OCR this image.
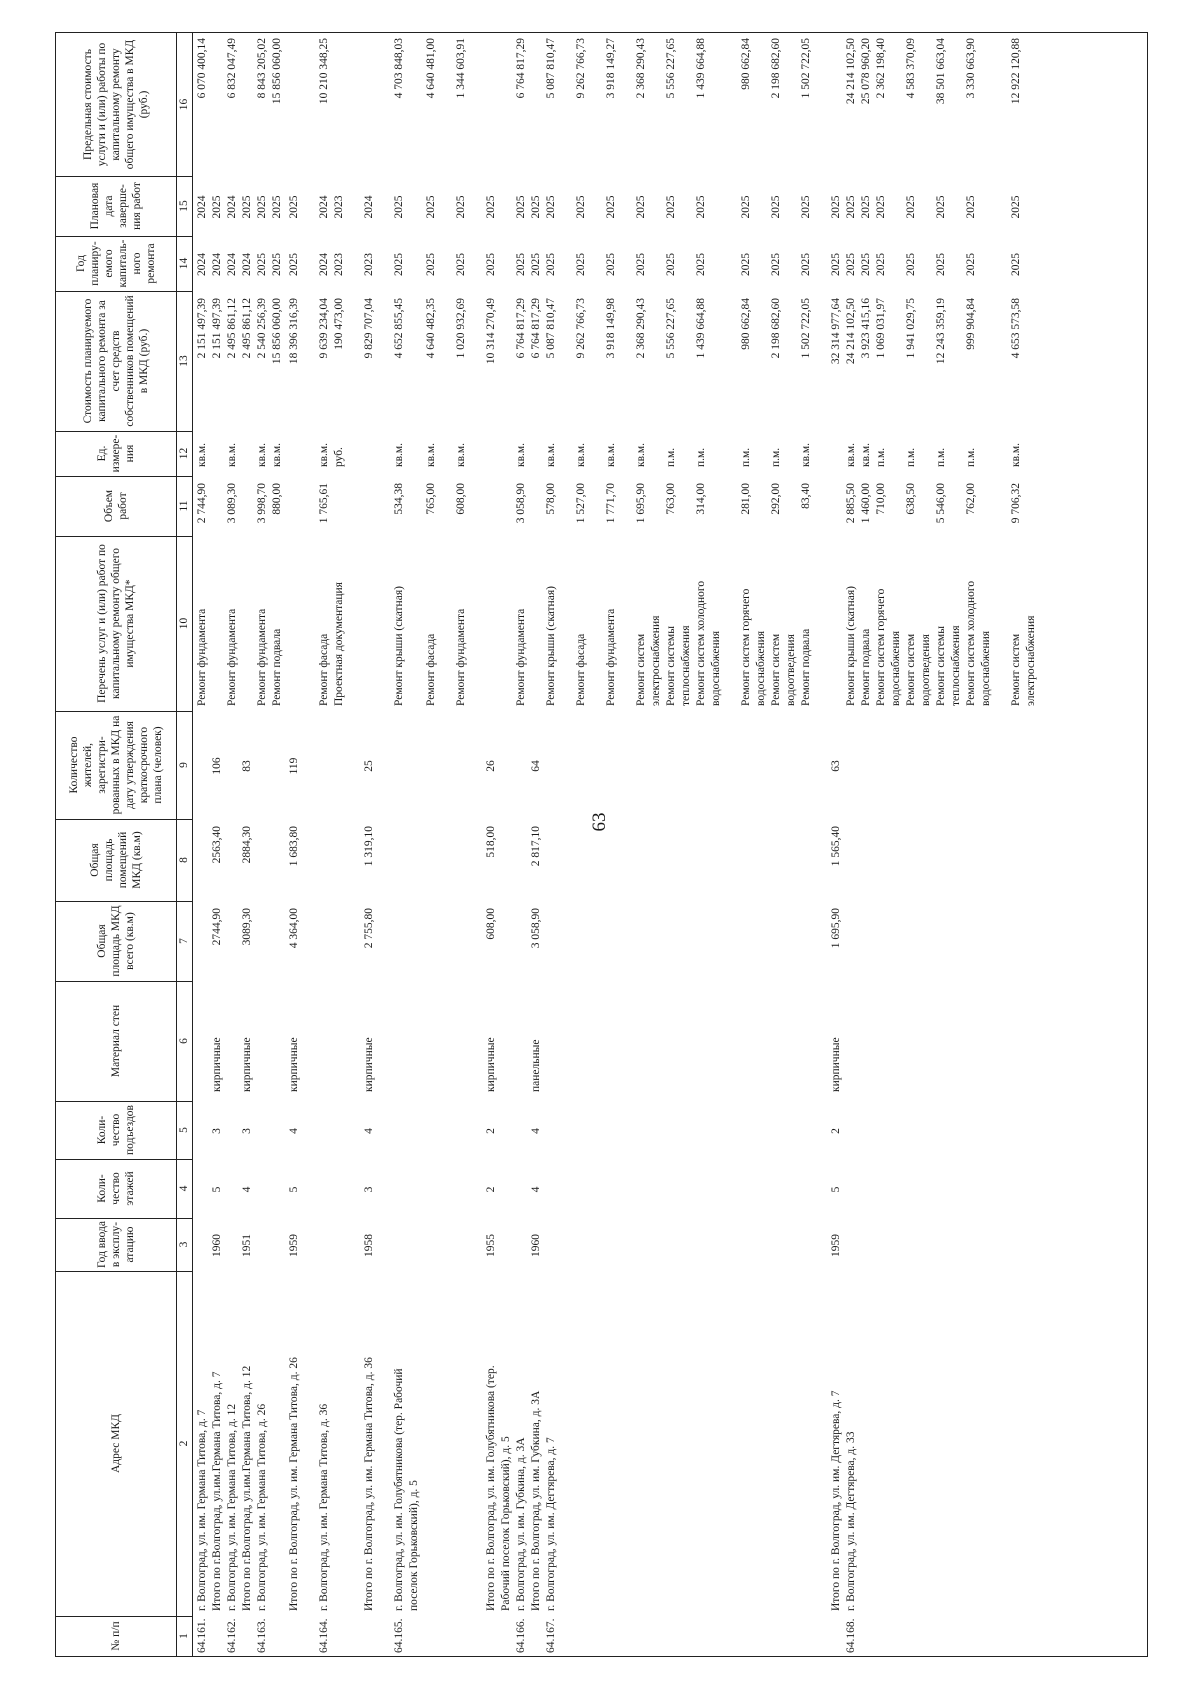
63
№ п/п
Адрес МКД
Год ввода в эксплу-атацию
Коли-чество этажей
Коли-чество подъездов
Материал стен
Общая площадь МКД всего (кв.м)
Общая площадь помещений МКД (кв.м)
Количество жителей, зарегистри-рованных в МКД на дату утверждения краткосрочного плана (человек)
Перечень услуг и (или) работ по капитальному ремонту общего имущества МКД*
Объем работ
Ед. измере-ния
Стоимость планируемого капитального ремонта за счет средств собственников помещений в МКД (руб.)
Год планиру-емого капиталь-ного ремонта
Плановая дата заверше-ния работ
Предельная стоимость услуги и (или) работы по капитальному ремонту общего имущества в МКД (руб.)
1
2
3
4
5
6
7
8
9
10
11
12
13
14
15
16
64.161.
г. Волгоград, ул. им. Германа Титова, д. 7
Ремонт фундамента
2 744,90
кв.м.
2 151 497,39
2024
2024
6 070 400,14
Итого по г.Волгоград, ул.им.Германа Титова, д. 7
1960
5
3
кирпичные
2744,90
2563,40
106
2 151 497,39
2024
2025
64.162.
г. Волгоград, ул. им. Германа Титова, д. 12
Ремонт фундамента
3 089,30
кв.м.
2 495 861,12
2024
2024
6 832 047,49
Итого по г.Волгоград, ул.им.Германа Титова, д. 12
1951
4
3
кирпичные
3089,30
2884,30
83
2 495 861,12
2024
2025
64.163.
г. Волгоград, ул. им. Германа Титова, д. 26
Ремонт фундамента
3 998,70
кв.м.
2 540 256,39
2025
2025
8 843 205,02
Ремонт подвала
880,00
кв.м.
15 856 060,00
2025
2025
15 856 060,00
Итого по г. Волгоград, ул. им. Германа Титова, д. 26
1959
5
4
кирпичные
4 364,00
1 683,80
119
18 396 316,39
2025
2025
64.164.
г. Волгоград, ул. им. Германа Титова, д. 36
Ремонт фасада
1 765,61
кв.м.
9 639 234,04
2024
2024
10 210 348,25
Проектная документация
руб.
190 473,00
2023
2023
Итого по г. Волгоград, ул. им. Германа Титова, д. 36
1958
3
4
кирпичные
2 755,80
1 319,10
25
9 829 707,04
2023
2024
64.165.
г. Волгоград, ул. им. Голубятникова (тер. Рабочий
Ремонт крыши (скатная)
534,38
кв.м.
4 652 855,45
2025
2025
4 703 848,03
поселок Горьковский), д. 5
Ремонт фасада
765,00
кв.м.
4 640 482,35
2025
2025
4 640 481,00
Ремонт фундамента
608,00
кв.м.
1 020 932,69
2025
2025
1 344 603,91
Итого по г. Волгоград, ул. им. Голубятникова (тер.
1955
2
2
кирпичные
608,00
518,00
26
10 314 270,49
2025
2025
Рабочий поселок Горьковский), д. 5
64.166.
г. Волгоград, ул. им. Губкина, д. 3А
Ремонт фундамента
3 058,90
кв.м.
6 764 817,29
2025
2025
6 764 817,29
Итого по г. Волгоград, ул. им. Губкина, д. 3А
1960
4
4
панельные
3 058,90
2 817,10
64
6 764 817,29
2025
2025
64.167.
г. Волгоград, ул. им. Дегтярева, д. 7
Ремонт крыши (скатная)
578,00
кв.м.
5 087 810,47
2025
2025
5 087 810,47
Ремонт фасада
1 527,00
кв.м.
9 262 766,73
2025
2025
9 262 766,73
Ремонт фундамента
1 771,70
кв.м.
3 918 149,98
2025
2025
3 918 149,27
Ремонт систем
1 695,90
кв.м.
2 368 290,43
2025
2025
2 368 290,43
электроснабжения Ремонт системы
763,00
п.м.
5 556 227,65
2025
2025
5 556 227,65
теплоснабжения Ремонт систем холодного
314,00
п.м.
1 439 664,88
2025
2025
1 439 664,88
водоснабжения Ремонт систем горячего
281,00
п.м.
980 662,84
2025
2025
980 662,84
водоснабжения Ремонт систем
292,00
п.м.
2 198 682,60
2025
2025
2 198 682,60
водоотведения Ремонт подвала
83,40
кв.м.
1 502 722,05
2025
2025
1 502 722,05
Итого по г. Волгоград, ул. им. Дегтярева, д. 7
1959
5
2
кирпичные
1 695,90
1 565,40
63
32 314 977,64
2025
2025
64.168.
г. Волгоград, ул. им. Дегтярева, д. 33
Ремонт крыши (скатная)
2 885,50
кв.м.
24 214 102,50
2025
2025
24 214 102,50
Ремонт подвала
1 460,00
кв.м.
3 923 415,16
2025
2025
25 078 960,20
Ремонт систем горячего
710,00
п.м.
1 069 031,97
2025
2025
2 362 198,40
водоснабжения Ремонт систем
638,50
п.м.
1 941 029,75
2025
2025
4 583 370,09
водоотведения Ремонт системы
5 546,00
п.м.
12 243 359,19
2025
2025
38 501 663,04
теплоснабжения Ремонт систем холодного
762,00
п.м.
999 904,84
2025
2025
3 330 663,90
водоснабжения Ремонт систем
9 706,32
кв.м.
4 653 573,58
2025
2025
12 922 120,88
электроснабжения
